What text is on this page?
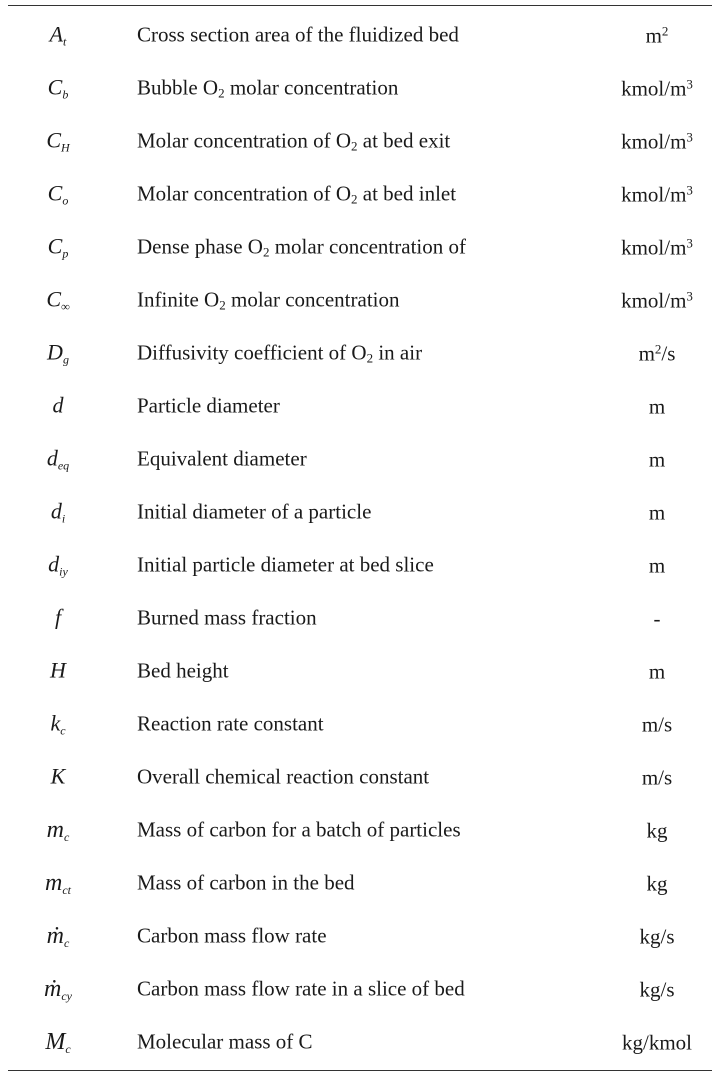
$A_t$	Cross section area of the fluidized bed	$m^2$
$C_b$	Bubble $O_2$ molar concentration	kmol/$m^3$
$C_H$	Molar concentration of $O_2$ at bed exit	kmol/$m^3$
$C_o$	Molar concentration of $O_2$ at bed inlet	kmol/$m^3$
$C_p$	Dense phase $O_2$ molar concentration of	kmol/$m^3$
$C_\infty$	Infinite $O_2$ molar concentration	kmol/$m^3$
$D_g$	Diffusivity coefficient of $O_2$ in air	$m^2/s$
d	Particle diameter	m
$d_{eq}$	Equivalent diameter	m
$d_i$	Initial diameter of a particle	m
$d_{iy}$	Initial particle diameter at bed slice	m
f	Burned mass fraction	-
H	Bed height	m
$k_c$	Reaction rate constant	m/s
K	Overall chemical reaction constant	m/s
$m_c$	Mass of carbon for a batch of particles	kg
$m_{ct}$	Mass of carbon in the bed	kg
ṁ$_c$	Carbon mass flow rate	kg/s
ṁ$_{cy}$	Carbon mass flow rate in a slice of bed	kg/s
$M_c$	Molecular mass of C	kg/kmol
